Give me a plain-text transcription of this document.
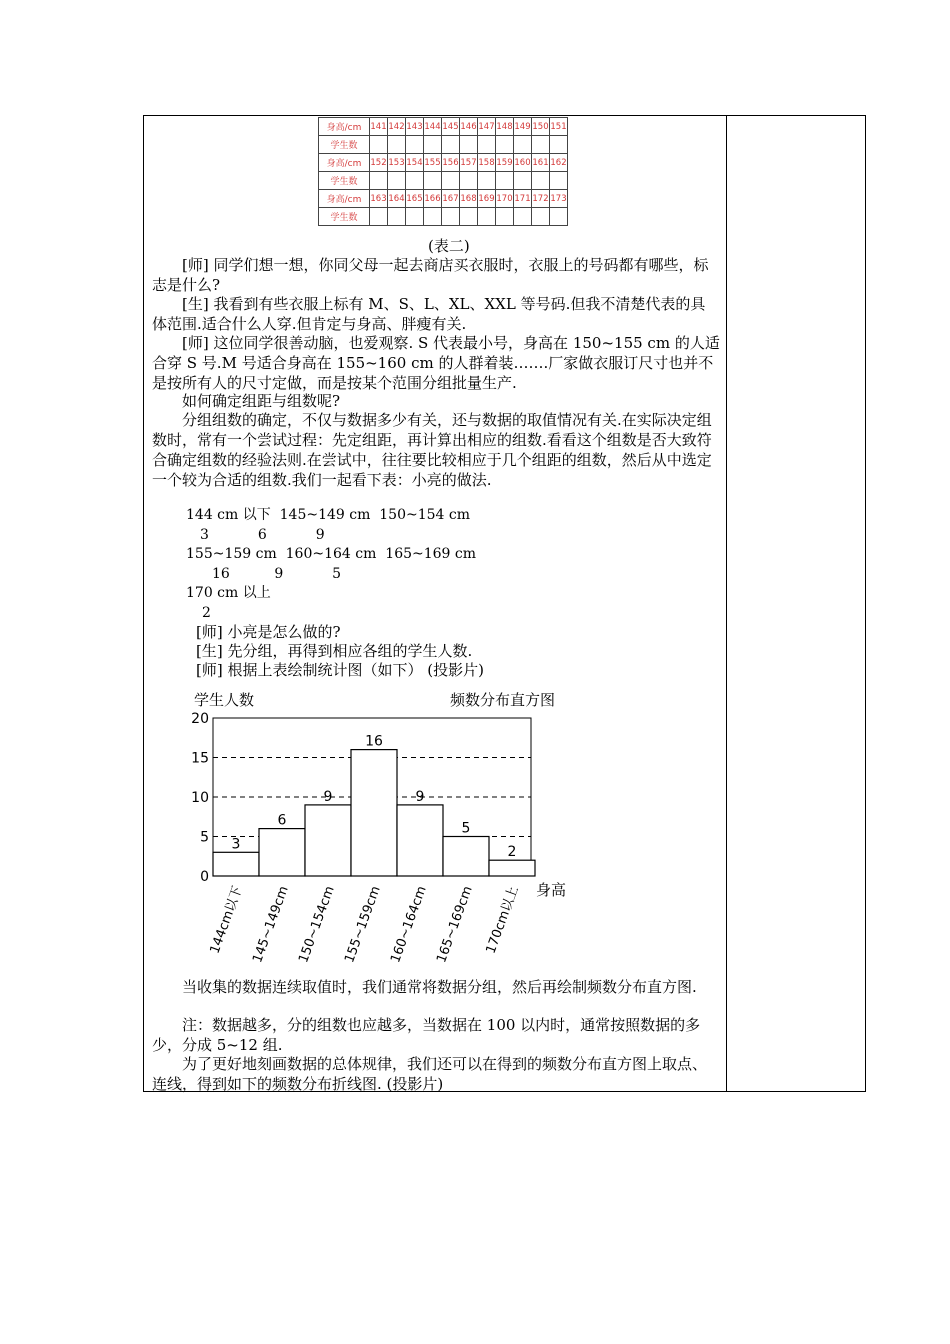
身高/cm	141	142	143	144	145	146	147	148	149	150	151
学生数											
身高/cm	152	153	154	155	156	157	158	159	160	161	162
学生数											
身高/cm	163	164	165	166	167	168	169	170	171	172	173
学生数											
(表二)
[师] 同学们想一想，你同父母一起去商店买衣服时，衣服上的号码都有哪些，标志是什么?
[生] 我看到有些衣服上标有 M、S、L、XL、XXL 等号码.但我不清楚代表的具体范围.适合什么人穿.但肯定与身高、胖瘦有关.
[师] 这位同学很善动脑，也爱观察. S 代表最小号，身高在 150~155 cm 的人适合穿 S 号.M 号适合身高在 155~160 cm 的人群着装…….厂家做衣服订尺寸也并不是按所有人的尺寸定做，而是按某个范围分组批量生产.
如何确定组距与组数呢?
分组组数的确定，不仅与数据多少有关，还与数据的取值情况有关.在实际决定组数时，常有一个尝试过程：先定组距，再计算出相应的组数.看看这个组数是否大致符合确定组数的经验法则.在尝试中，往往要比较相应于几个组距的组数，然后从中选定一个较为合适的组数.我们一起看下表：小亮的做法.
144 cm 以下  145~149 cm  150~154 cm
3           6           9
155~159 cm  160~164 cm  165~169 cm
16          9           5
170 cm 以上
2
[师] 小亮是怎么做的?
[生] 先分组，再得到相应各组的学生人数.
[师] 根据上表绘制统计图（如下） (投影片)
学生人数	频数分布直方图
0
5
10
15
20
3
144cm以下
6
145~149cm
9
150~154cm
16
155~159cm
9
160~164cm
5
165~169cm
2
170cm以上 身高
当收集的数据连续取值时，我们通常将数据分组，然后再绘制频数分布直方图.
注：数据越多，分的组数也应越多，当数据在 100 以内时，通常按照数据的多少，分成 5~12 组.
为了更好地刻画数据的总体规律，我们还可以在得到的频数分布直方图上取点、连线，得到如下的频数分布折线图. (投影片)
